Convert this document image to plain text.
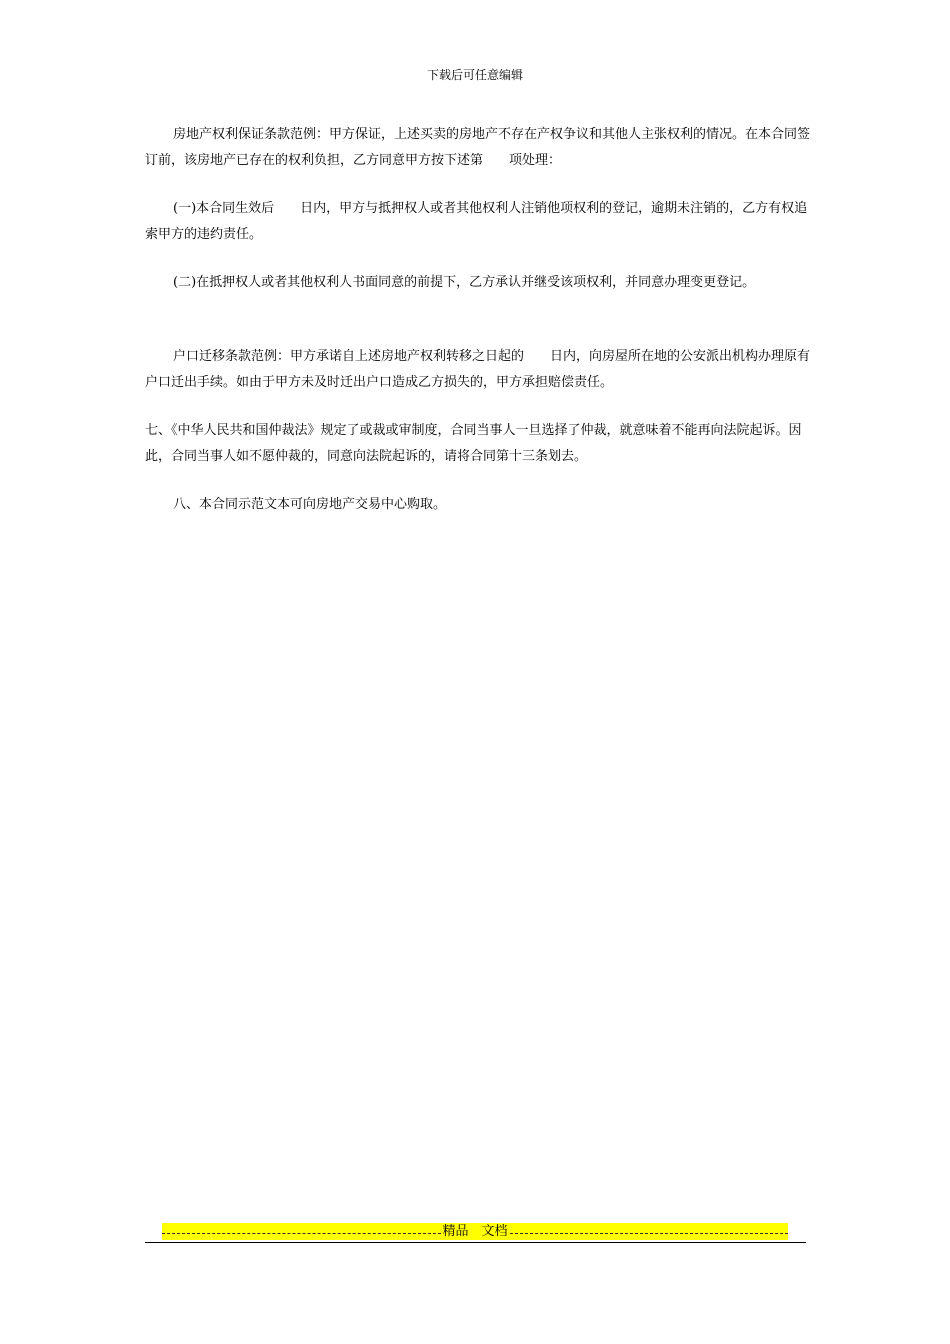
下载后可任意编辑

房地产权利保证条款范例：甲方保证，上述买卖的房地产不存在产权争议和其他人主张权利的情况。在本合同签订前，该房地产已存在的权利负担，乙方同意甲方按下述第　　项处理：

(一)本合同生效后　　日内，甲方与抵押权人或者其他权利人注销他项权利的登记，逾期未注销的，乙方有权追索甲方的违约责任。

(二)在抵押权人或者其他权利人书面同意的前提下，乙方承认并继受该项权利，并同意办理变更登记。

户口迁移条款范例：甲方承诺自上述房地产权利转移之日起的　　日内，向房屋所在地的公安派出机构办理原有户口迁出手续。如由于甲方未及时迁出户口造成乙方损失的，甲方承担赔偿责任。

七、《中华人民共和国仲裁法》规定了或裁或审制度，合同当事人一旦选择了仲裁，就意味着不能再向法院起诉。因此，合同当事人如不愿仲裁的，同意向法院起诉的，请将合同第十三条划去。

八、本合同示范文本可向房地产交易中心购取。

精品　文档
